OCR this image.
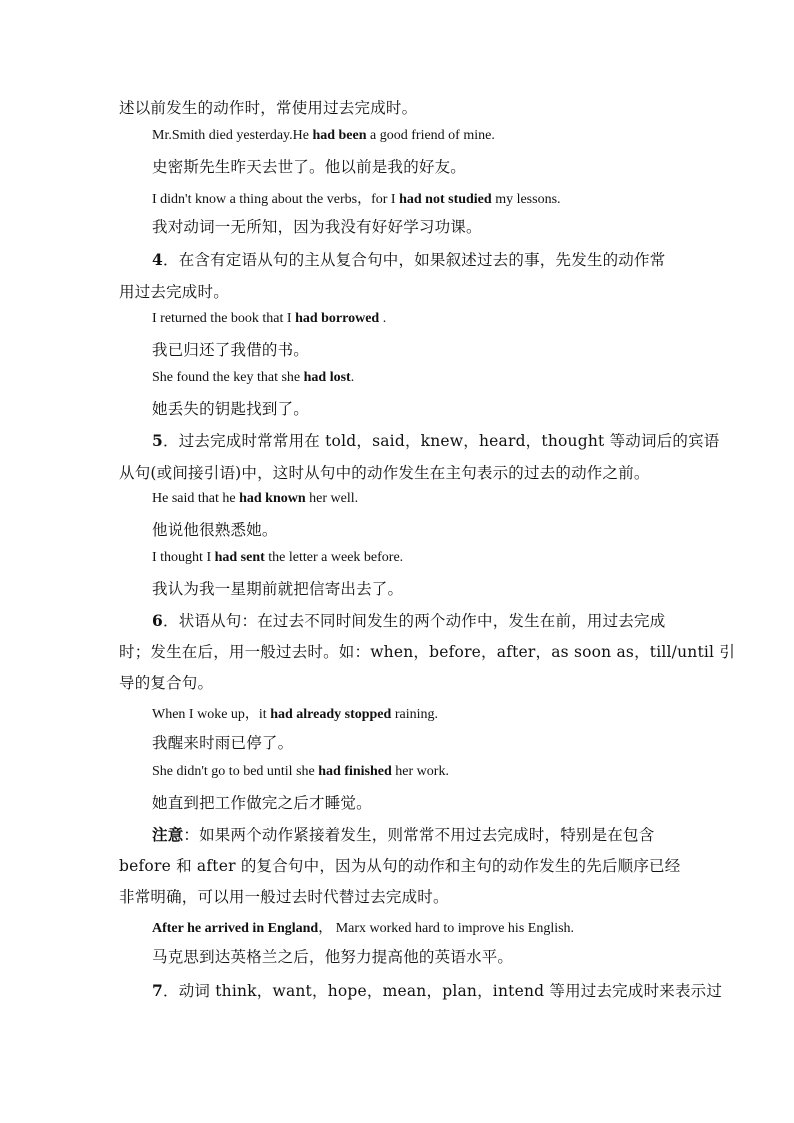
述以前发生的动作时，常使用过去完成时。
Mr.Smith died yesterday.He had been a good friend of mine.
史密斯先生昨天去世了。他以前是我的好友。
I didn't know a thing about the verbs，for I had not studied my lessons.
我对动词一无所知，因为我没有好好学习功课。
4．在含有定语从句的主从复合句中，如果叙述过去的事，先发生的动作常
用过去完成时。
I returned the book that I had borrowed .
我已归还了我借的书。
She found the key that she had lost.
她丢失的钥匙找到了。
5．过去完成时常常用在 told，said，knew，heard，thought 等动词后的宾语
从句(或间接引语)中，这时从句中的动作发生在主句表示的过去的动作之前。
He said that he had known her well.
他说他很熟悉她。
I thought I had sent the letter a week before.
我认为我一星期前就把信寄出去了。
6．状语从句：在过去不同时间发生的两个动作中，发生在前，用过去完成
时；发生在后，用一般过去时。如：when，before，after，as soon as，till/until 引
导的复合句。
When I woke up，it had already stopped raining.
我醒来时雨已停了。
She didn't go to bed until she had finished her work.
她直到把工作做完之后才睡觉。
注意：如果两个动作紧接着发生，则常常不用过去完成时，特别是在包含
before 和 after 的复合句中，因为从句的动作和主句的动作发生的先后顺序已经
非常明确，可以用一般过去时代替过去完成时。
After he arrived in England， Marx worked hard to improve his English.
马克思到达英格兰之后，他努力提高他的英语水平。
7．动词 think，want，hope，mean，plan，intend 等用过去完成时来表示过
